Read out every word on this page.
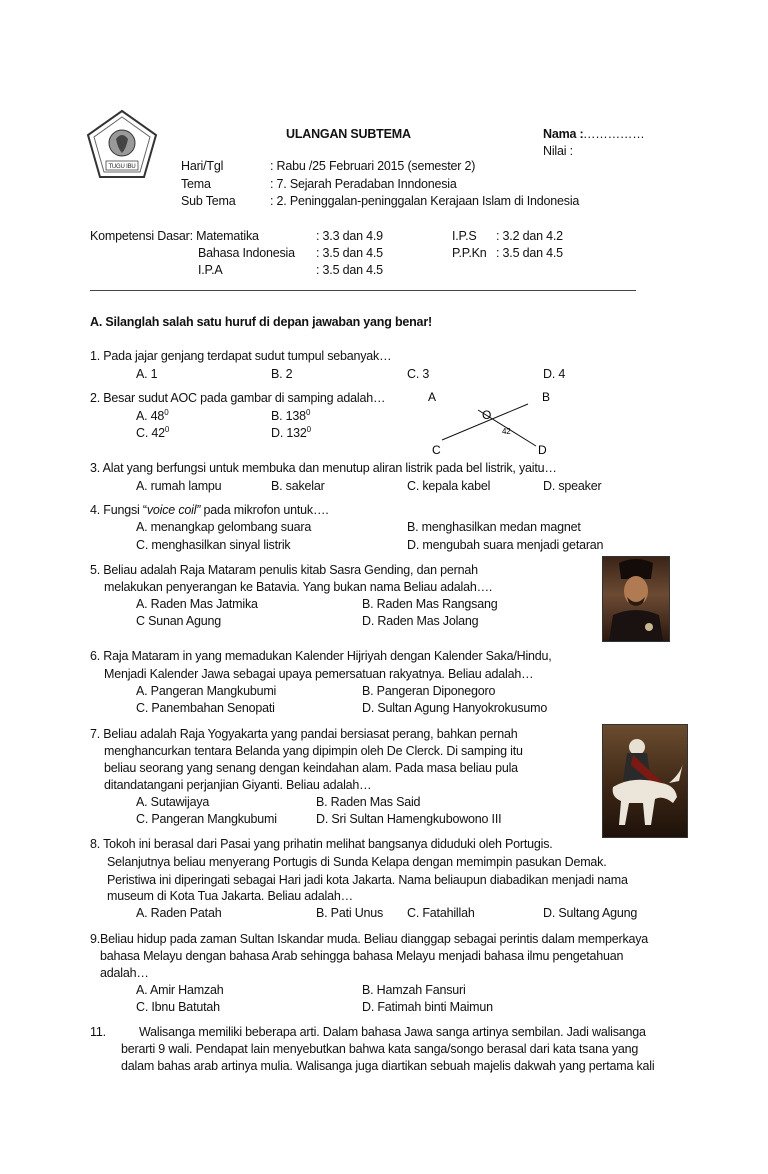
TUGU IBU
ULANGAN SUBTEMA	Nama : ……………
Nilai :
Hari/Tgl	: Rabu /25 Februari 2015 (semester 2)
Tema	: 7. Sejarah Peradaban Inndonesia
Sub Tema	: 2. Peninggalan-peninggalan Kerajaan Islam di Indonesia
Kompetensi Dasar: Matematika	: 3.3 dan 4.9	I.P.S : 3.2 dan 4.2
Bahasa Indonesia : 3.5 dan 4.5	P.P.Kn : 3.5 dan 4.5
I.P.A	: 3.5 dan 4.5
A. Silanglah salah satu huruf di depan jawaban yang benar!
1. Pada jajar genjang terdapat sudut tumpul sebanyak…
A. 1	B. 2	C. 3	D. 4
2. Besar sudut AOC pada gambar di samping adalah…
A. $48^0$	B. $138^0$
C. $42^0$	D. $132^0$
A	B
O
42
C	D
3. Alat yang berfungsi untuk membuka dan menutup aliran listrik pada bel listrik, yaitu…
A. rumah lampu	B. sakelar	C. kepala kabel	D. speaker
4. Fungsi “voice coil” pada mikrofon untuk….
A. menangkap gelombang suara	B. menghasilkan medan magnet
C. menghasilkan sinyal listrik	D. mengubah suara menjadi getaran
5. Beliau adalah Raja Mataram penulis kitab Sasra Gending, dan pernah
melakukan penyerangan ke Batavia. Yang bukan nama Beliau adalah….
A. Raden Mas Jatmika	B. Raden Mas Rangsang
C Sunan Agung	D. Raden Mas Jolang
6. Raja Mataram in yang memadukan Kalender Hijriyah dengan Kalender Saka/Hindu,
Menjadi Kalender Jawa sebagai upaya pemersatuan rakyatnya. Beliau adalah…
A. Pangeran Mangkubumi	B. Pangeran Diponegoro
C. Panembahan Senopati	D. Sultan Agung Hanyokrokusumo
7. Beliau adalah Raja Yogyakarta yang pandai bersiasat perang, bahkan pernah
menghancurkan tentara Belanda yang dipimpin oleh De Clerck. Di samping itu
beliau seorang yang senang dengan keindahan alam. Pada masa beliau pula
ditandatangani perjanjian Giyanti. Beliau adalah…
A. Sutawijaya	B. Raden Mas Said
C. Pangeran Mangkubumi	D. Sri Sultan Hamengkubowono III
8. Tokoh ini berasal dari Pasai yang prihatin melihat bangsanya diduduki oleh Portugis.
Selanjutnya beliau menyerang Portugis di Sunda Kelapa dengan memimpin pasukan Demak.
Peristiwa ini diperingati sebagai Hari jadi kota Jakarta. Nama beliaupun diabadikan menjadi nama
museum di Kota Tua Jakarta. Beliau adalah…
A. Raden Patah	B. Pati Unus C. Fatahillah	D. Sultang Agung
9.Beliau hidup pada zaman Sultan Iskandar muda. Beliau dianggap sebagai perintis dalam memperkaya
bahasa Melayu dengan bahasa Arab sehingga bahasa Melayu menjadi bahasa ilmu pengetahuan
adalah…
A. Amir Hamzah	B. Hamzah Fansuri
C. Ibnu Batutah	D. Fatimah binti Maimun
11.	Walisanga memiliki beberapa arti. Dalam bahasa Jawa sanga artinya sembilan. Jadi walisanga
berarti 9 wali. Pendapat lain menyebutkan bahwa kata sanga/songo berasal dari kata tsana yang
dalam bahas arab artinya mulia. Walisanga juga diartikan sebuah majelis dakwah yang pertama kali
